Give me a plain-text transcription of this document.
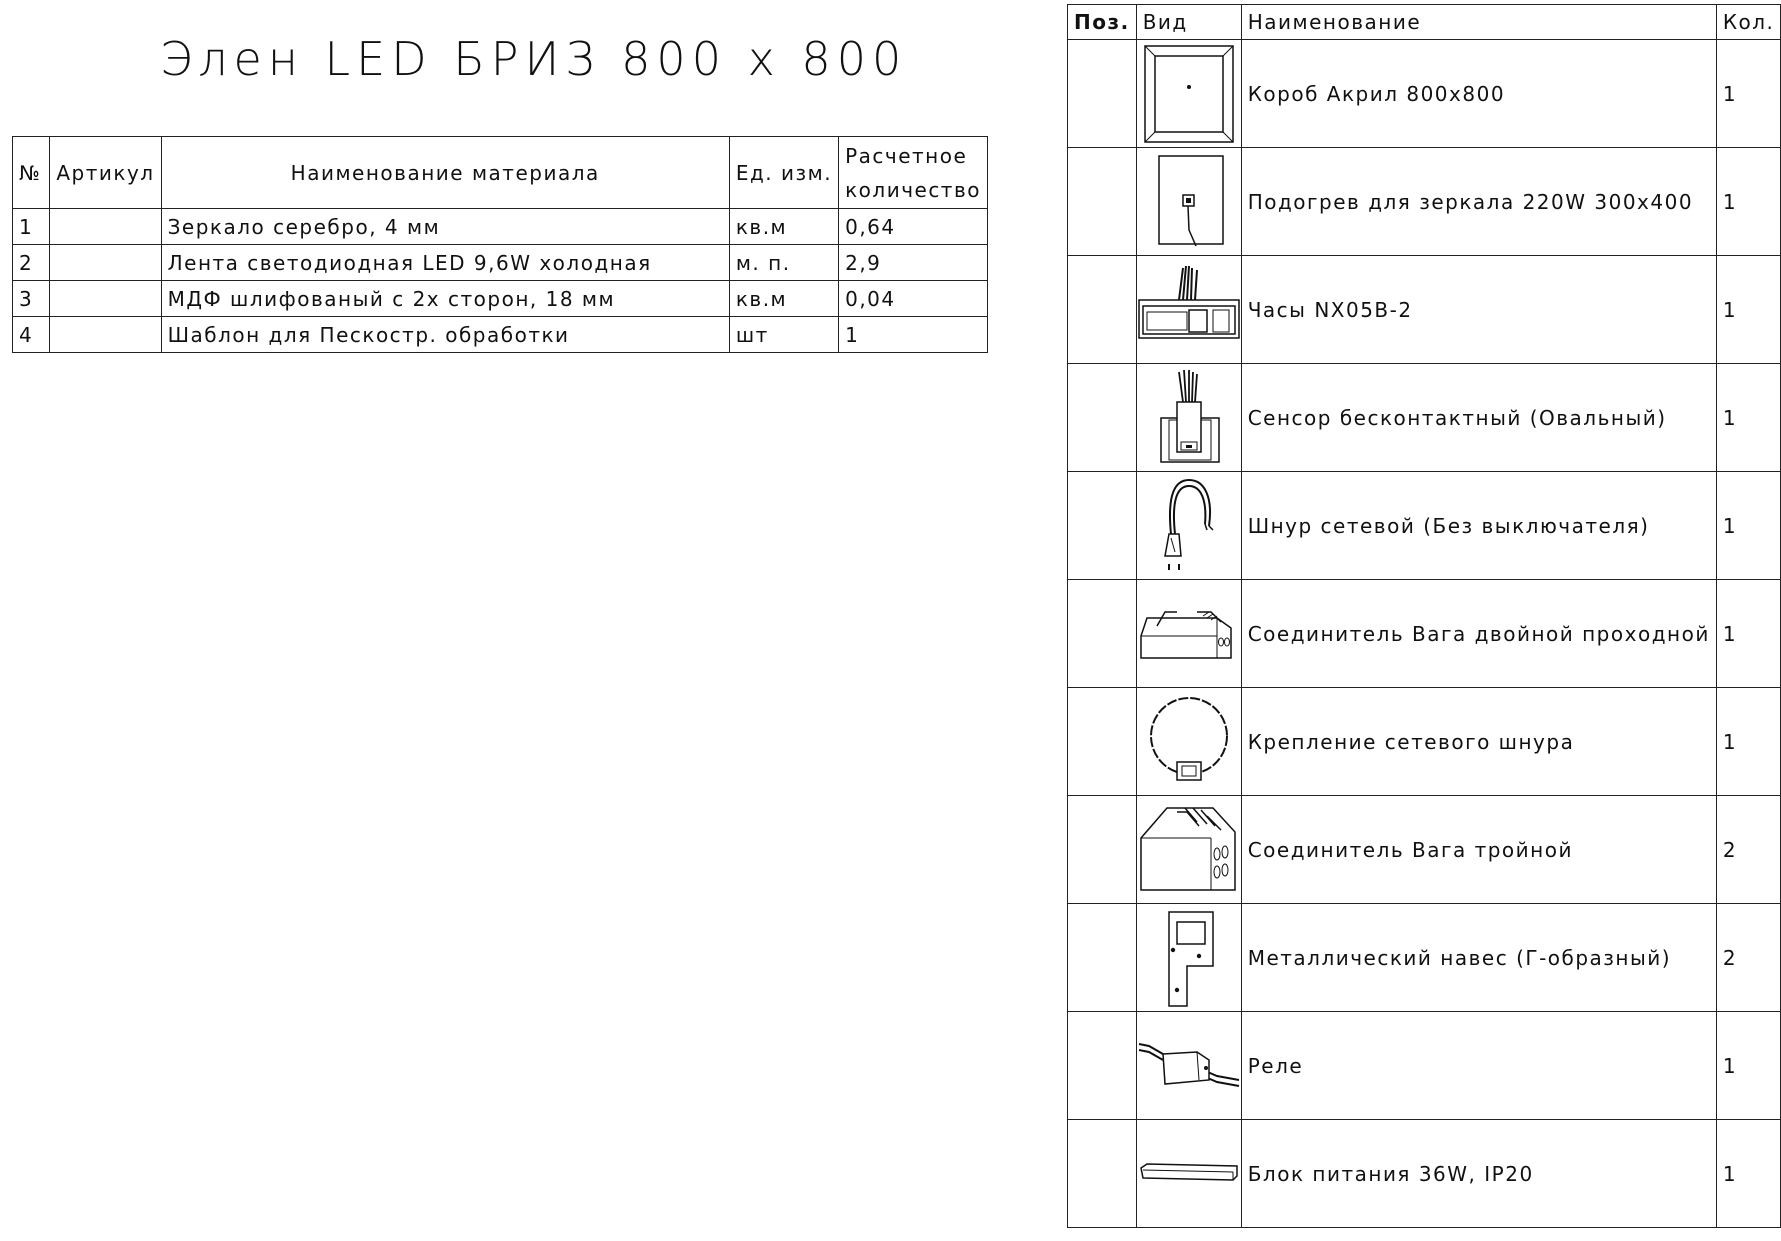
Элен LED БРИЗ 800 x 800
№	Артикул	Наименование материала	Ед. изм.	Расчетное
количество

1		Зеркало серебро, 4 мм	кв.м	0,64
2		Лента светодиодная LED 9,6W холодная	м. п.	2,9
3		МДФ шлифованый с 2х сторон, 18 мм	кв.м	0,04
4		Шаблон для Пескостр. обработки	шт	1
Поз.	Вид	Наименование	Кол.

	Короб Акрил 800x800	1

	Подогрев для зеркала 220W 300x400	1

	Часы NX05B-2	1

	Сенсор бесконтактный (Овальный)	1

	Шнур сетевой (Без выключателя)	1

	Соединитель Вага двойной проходной	1

	Крепление сетевого шнура	1

	Соединитель Вага тройной	2

	Металлический навес (Г-образный)	2

	Реле	1

	Блок питания 36W, IP20	1
